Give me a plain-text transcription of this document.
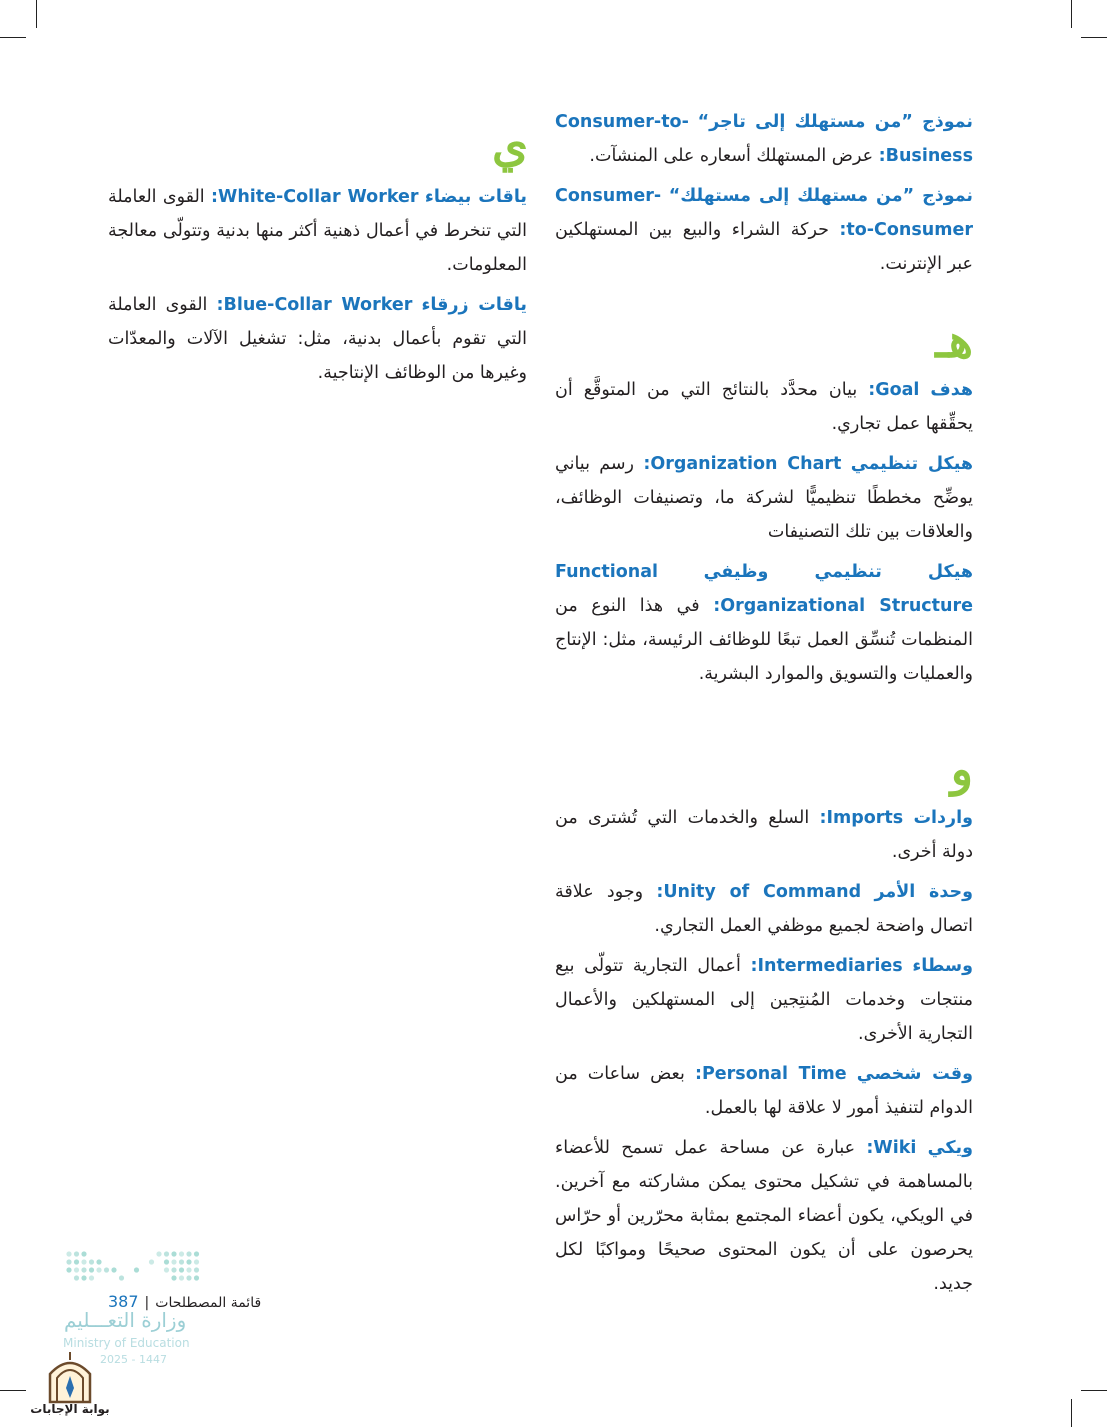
نموذج ”من مستهلك إلى تاجر“ Consumer-to-Business: عرض المستهلك أسعاره على المنشآت.
نموذج ”من مستهلك إلى مستهلك“ Consumer-to-Consumer: حركة الشراء والبيع بين المستهلكين عبر الإنترنت.
هـ
هدف Goal: بيان محدَّد بالنتائج التي من المتوقَّع أن يحقِّقها عمل تجاري.
هيكل تنظيمي Organization Chart: رسم بياني يوضِّح مخططًا تنظيميًّا لشركة ما، وتصنيفات الوظائف، والعلاقات بين تلك التصنيفات
هيكل تنظيمي وظيفي Functional Organizational Structure: في هذا النوع من المنظمات تُنسِّق العمل تبعًا للوظائف الرئيسة، مثل: الإنتاج والعمليات والتسويق والموارد البشرية.
و
واردات Imports: السلع والخدمات التي تُشترى من دولة أخرى.
وحدة الأمر Unity of Command: وجود علاقة اتصال واضحة لجميع موظفي العمل التجاري.
وسطاء Intermediaries: أعمال التجارية تتولّى بيع منتجات وخدمات المُنتِجين إلى المستهلكين والأعمال التجارية الأخرى.
وقت شخصي Personal Time: بعض ساعات من الدوام لتنفيذ أمور لا علاقة لها بالعمل.
ويكي Wiki: عبارة عن مساحة عمل تسمح للأعضاء بالمساهمة في تشكيل محتوى يمكن مشاركته مع آخرين. في الويكي، يكون أعضاء المجتمع بمثابة محرّرين أو حرّاس يحرصون على أن يكون المحتوى صحيحًا ومواكبًا لكل جديد.
ي
ياقات بيضاء White-Collar Worker: القوى العاملة التي تنخرط في أعمال ذهنية أكثر منها بدنية وتتولّى معالجة المعلومات.
ياقات زرقاء Blue-Collar Worker: القوى العاملة التي تقوم بأعمال بدنية، مثل: تشغيل الآلات والمعدّات وغيرها من الوظائف الإنتاجية.
وزارة التعـــليم
Ministry of Education
2025 - 1447
قائمة المصطلحات|387
بوابة الإجابات
